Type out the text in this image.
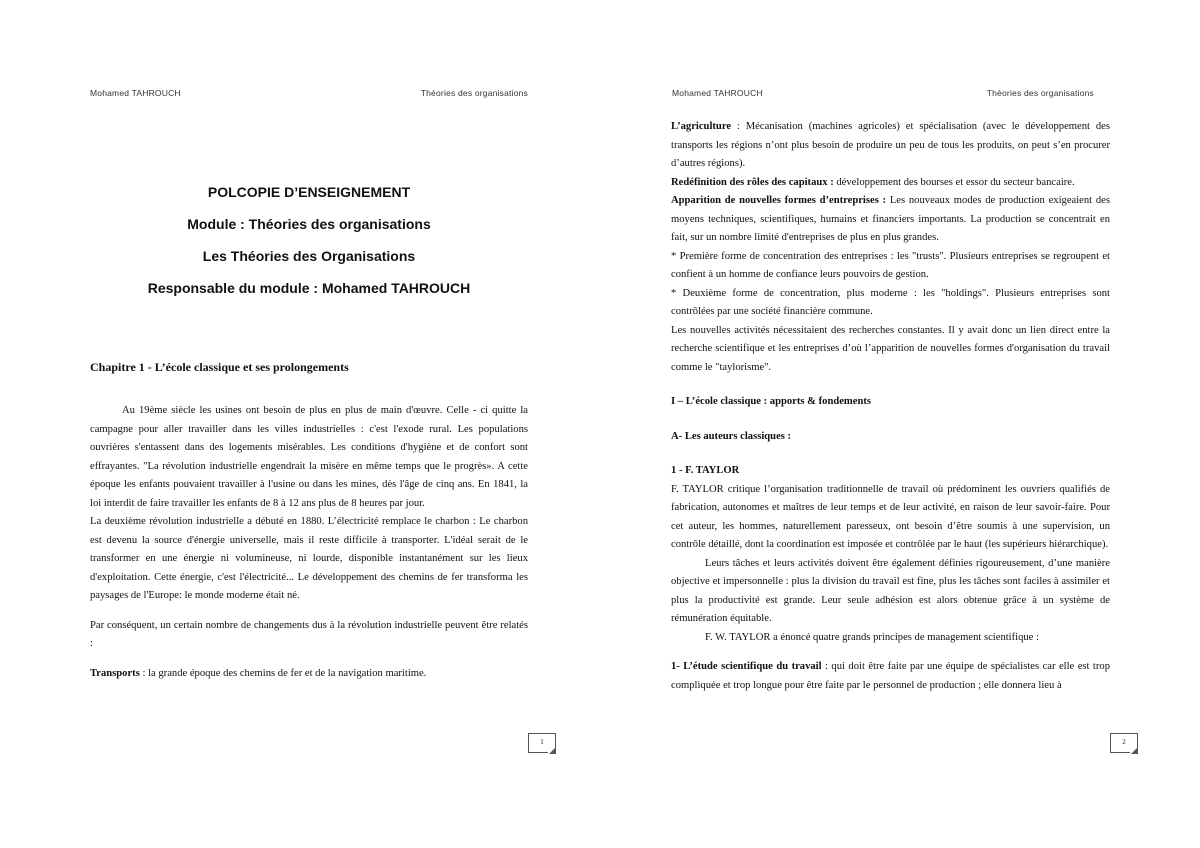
Mohamed TAHROUCH	Théories des organisations
POLCOPIE D’ENSEIGNEMENT
Module : Théories des organisations
Les Théories des Organisations
Responsable du module : Mohamed TAHROUCH
Chapitre 1 - L’école classique et ses prolongements

Au 19ème siècle les usines ont besoin de plus en plus de main d'œuvre. Celle - ci quitte la campagne pour aller travailler dans les villes industrielles : c'est l'exode rural. Les populations ouvrières s'entassent dans des logements misérables. Les conditions d'hygiène et de confort sont effrayantes. "La révolution industrielle engendrait la misère en même temps que le progrès». A cette époque les enfants pouvaient travailler à l'usine ou dans les mines, dès l'âge de cinq ans. En 1841, la loi interdit de faire travailler les enfants de 8 à 12 ans plus de 8 heures par jour.

La deuxième révolution industrielle a débuté en 1880. L’électricité remplace le charbon : Le charbon est devenu la source d'énergie universelle, mais il reste difficile à transporter. L'idéal serait de le transformer en une énergie ni volumineuse, ni lourde, disponible instantanément sur les lieux d'exploitation. Cette énergie, c'est l'électricité... Le développement des chemins de fer transforma les paysages de l'Europe: le monde moderne était né.

Par conséquent, un certain nombre de changements dus à la révolution industrielle peuvent être relatés :

Transports : la grande époque des chemins de fer et de la navigation maritime.

1
Mohamed TAHROUCH	Théories des organisations

L’agriculture : Mécanisation (machines agricoles) et spécialisation (avec le développement des transports les régions n’ont plus besoin de produire un peu de tous les produits, on peut s’en procurer d’autres régions).

Redéfinition des rôles des capitaux : développement des bourses et essor du secteur bancaire.

Apparition de nouvelles formes d’entreprises : Les nouveaux modes de production exigeaient des moyens techniques, scientifiques, humains et financiers importants. La production se concentrait en fait, sur un nombre limité d'entreprises de plus en plus grandes.

* Première forme de concentration des entreprises : les "trusts". Plusieurs entreprises se regroupent et confient à un homme de confiance leurs pouvoirs de gestion.

* Deuxième forme de concentration, plus moderne : les "holdings". Plusieurs entreprises sont contrôlées par une société financière commune.

Les nouvelles activités nécessitaient des recherches constantes. Il y avait donc un lien direct entre la recherche scientifique et les entreprises d’où l’apparition de nouvelles formes d'organisation du travail comme le "taylorisme".

I – L’école classique : apports & fondements

A- Les auteurs classiques :

1 - F. TAYLOR

F. TAYLOR critique l’organisation traditionnelle de travail où prédominent les ouvriers qualifiés de fabrication, autonomes et maîtres de leur temps et de leur activité, en raison de leur savoir-faire. Pour cet auteur, les hommes, naturellement paresseux, ont besoin d’être soumis à une supervision, un contrôle détaillé, dont la coordination est imposée et contrôlée par le haut (les supérieurs hiérarchique).

Leurs tâches et leurs activités doivent être également définies rigoureusement, d’une manière objective et impersonnelle : plus la division du travail est fine, plus les tâches sont faciles à assimiler et plus la productivité est grande. Leur seule adhésion est alors obtenue grâce à un système de rémunération équitable.

F. W. TAYLOR a énoncé quatre grands principes de management scientifique :

1- L’étude scientifique du travail : qui doit être faite par une équipe de spécialistes car elle est trop compliquée et trop longue pour être faite par le personnel de production ; elle donnera lieu à

2
